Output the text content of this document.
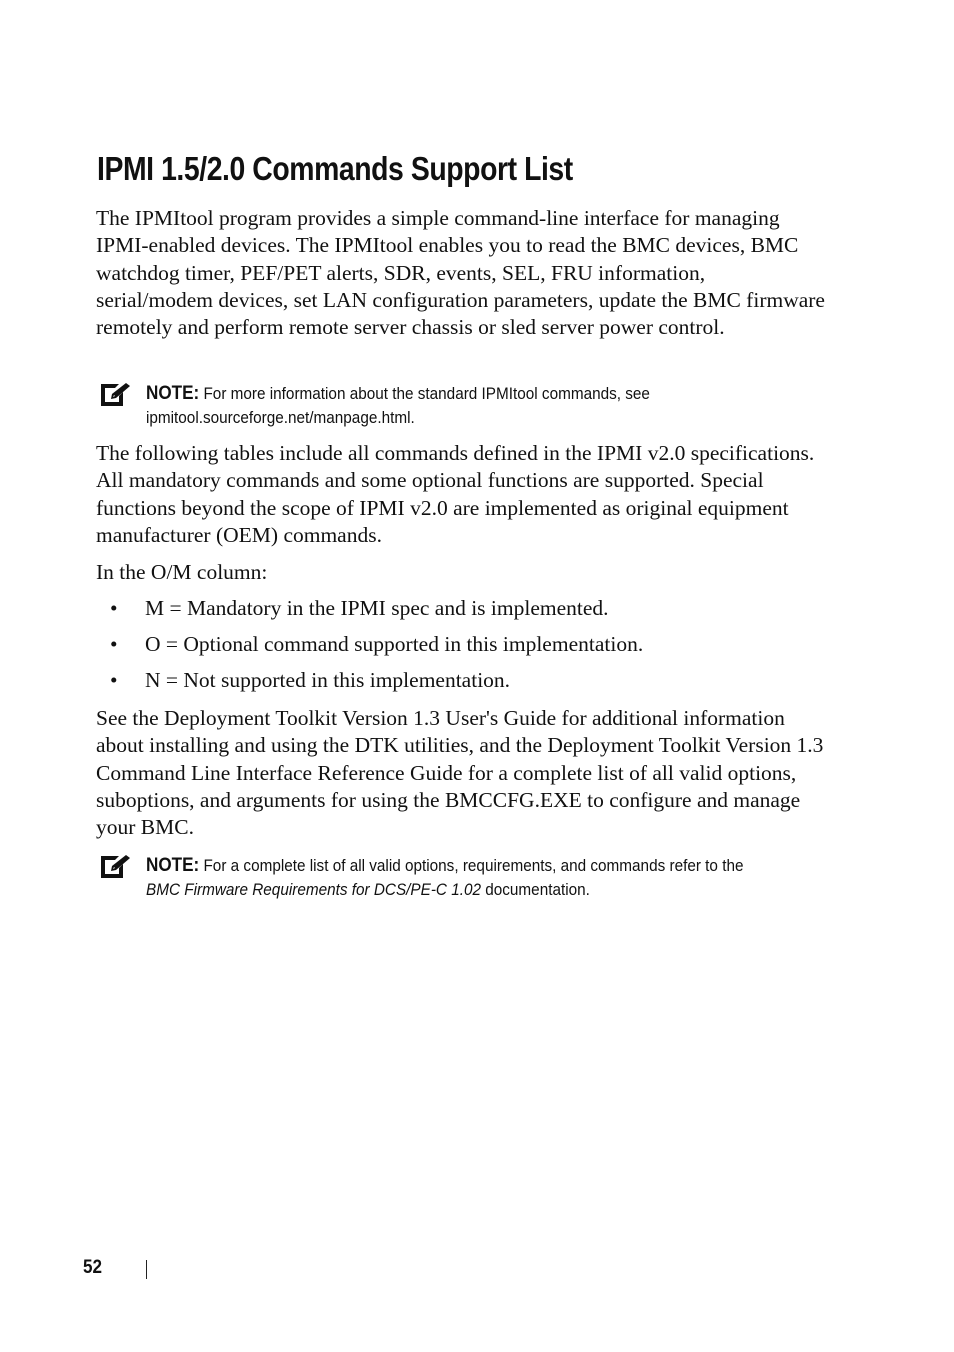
IPMI 1.5/2.0 Commands Support List

The IPMItool program provides a simple command-line interface for managing IPMI-enabled devices. The IPMItool enables you to read the BMC devices, BMC watchdog timer, PEF/PET alerts, SDR, events, SEL, FRU information, serial/modem devices, set LAN configuration parameters, update the BMC firmware remotely and perform remote server chassis or sled server power control.

NOTE: For more information about the standard IPMItool commands, see ipmitool.sourceforge.net/manpage.html.

The following tables include all commands defined in the IPMI v2.0 specifications. All mandatory commands and some optional functions are supported. Special functions beyond the scope of IPMI v2.0 are implemented as original equipment manufacturer (OEM) commands.

In the O/M column:

• M = Mandatory in the IPMI spec and is implemented.
• O = Optional command supported in this implementation.
• N = Not supported in this implementation.

See the Deployment Toolkit Version 1.3 User's Guide for additional information about installing and using the DTK utilities, and the Deployment Toolkit Version 1.3 Command Line Interface Reference Guide for a complete list of all valid options, suboptions, and arguments for using the BMCCFG.EXE to configure and manage your BMC.

NOTE: For a complete list of all valid options, requirements, and commands refer to the BMC Firmware Requirements for DCS/PE-C 1.02 documentation.

52
